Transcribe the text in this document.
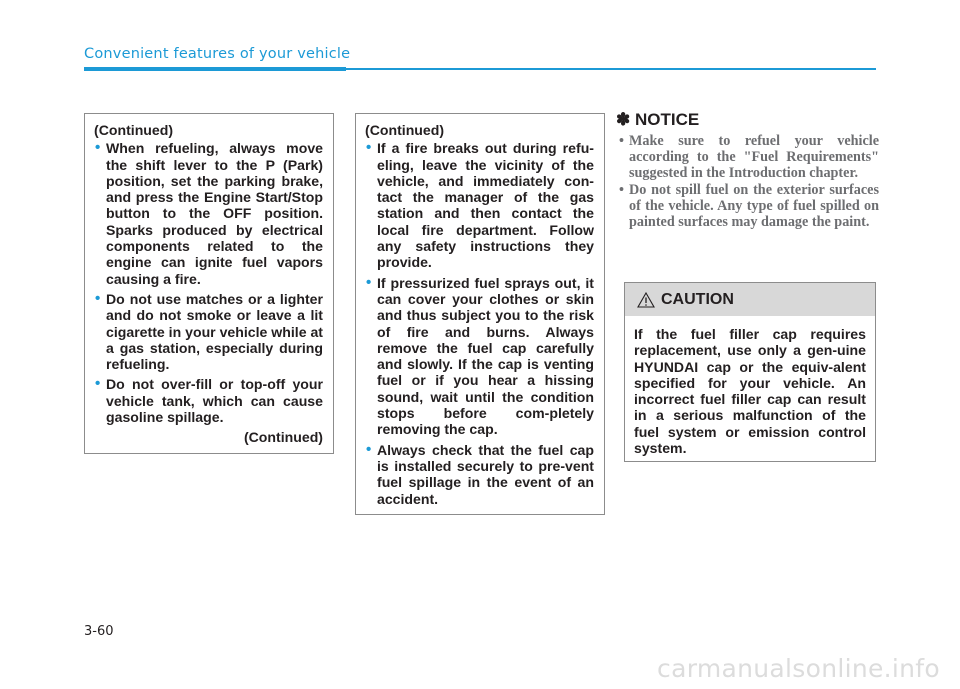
Convenient features of your vehicle

(Continued)

• When refueling, always move the shift lever to the P (Park) position, set the parking brake, and press the Engine Start/Stop button to the OFF position. Sparks produced by electrical components related to the engine can ignite fuel vapors causing a fire.
• Do not use matches or a lighter and do not smoke or leave a lit cigarette in your vehicle while at a gas station, especially during refueling.
• Do not over-fill or top-off your vehicle tank, which can cause gasoline spillage.

(Continued)

(Continued)

• If a fire breaks out during refu-eling, leave the vicinity of the vehicle, and immediately con-tact the manager of the gas station and then contact the local fire department. Follow any safety instructions they provide.
• If pressurized fuel sprays out, it can cover your clothes or skin and thus subject you to the risk of fire and burns. Always remove the fuel cap carefully and slowly. If the cap is venting fuel or if you hear a hissing sound, wait until the condition stops before com-pletely removing the cap.
• Always check that the fuel cap is installed securely to pre-vent fuel spillage in the event of an accident.
✽ NOTICE
• Make sure to refuel your vehicle according to the "Fuel Requirements" suggested in the Introduction chapter.
• Do not spill fuel on the exterior surfaces of the vehicle. Any type of fuel spilled on painted surfaces may damage the paint.
CAUTION
If the fuel filler cap requires replacement, use only a gen-uine HYUNDAI cap or the equiv-alent specified for your vehicle. An incorrect fuel filler cap can result in a serious malfunction of the fuel system or emission control system.
3-60
carmanualsonline.info
